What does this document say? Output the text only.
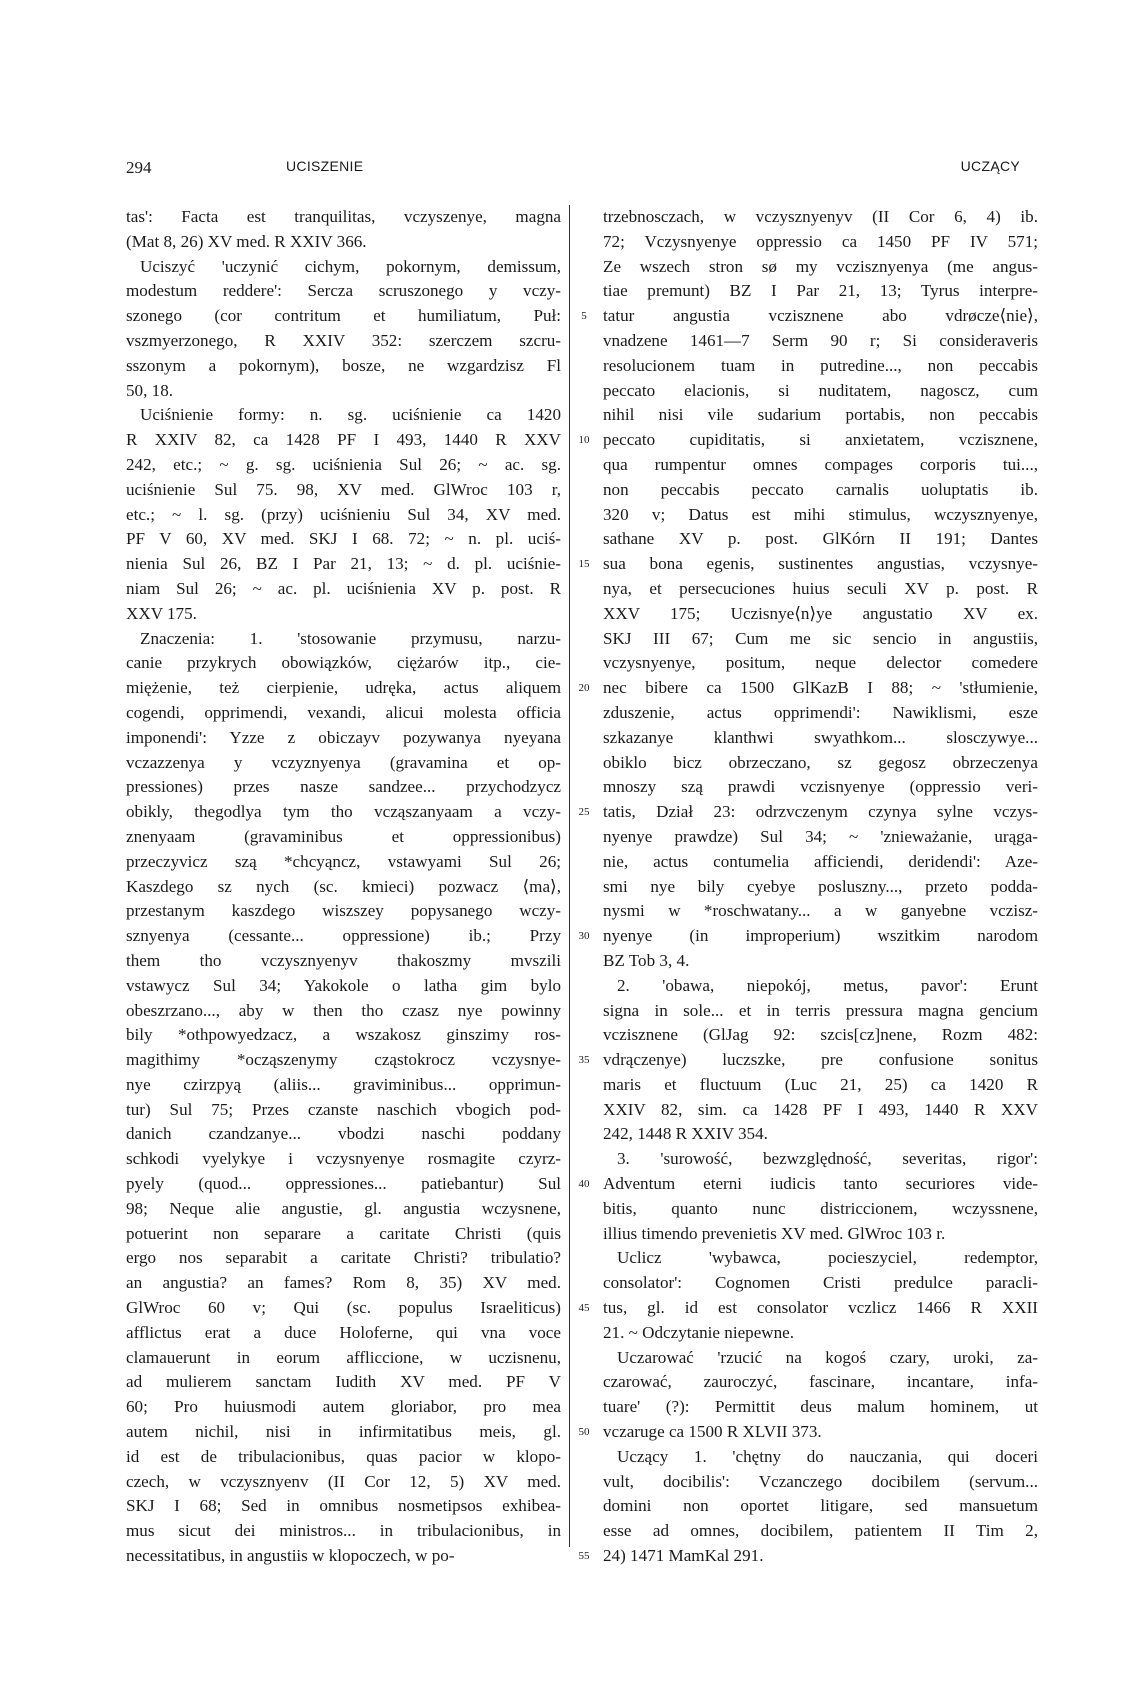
294	UCISZENIE	UCZĄCY
tas': Facta est tranquilitas, vczyszenye, magna
(Mat 8, 26) XV med. R XXIV 366.
Uciszyć 'uczynić cichym, pokornym, demissum,
modestum reddere': Sercza scruszonego y vczy-
szonego (cor contritum et humiliatum, Puł:
vszmyerzonego, R XXIV 352: szerczem szcru-
sszonym a pokornym), bosze, ne wzgardzisz Fl
50, 18.
Uciśnienie formy: n. sg. uciśnienie ca 1420
R XXIV 82, ca 1428 PF I 493, 1440 R XXV
242, etc.; ~ g. sg. uciśnienia Sul 26; ~ ac. sg.
uciśnienie Sul 75. 98, XV med. GlWroc 103 r,
etc.; ~ l. sg. (przy) uciśnieniu Sul 34, XV med.
PF V 60, XV med. SKJ I 68. 72; ~ n. pl. uciś-
nienia Sul 26, BZ I Par 21, 13; ~ d. pl. uciśnie-
niam Sul 26; ~ ac. pl. uciśnienia XV p. post. R
XXV 175.
Znaczenia: 1. 'stosowanie przymusu, narzu-
canie przykrych obowiązków, ciężarów itp., cie-
miężenie, też cierpienie, udręka, actus aliquem
cogendi, opprimendi, vexandi, alicui molesta officia
imponendi': Yzze z obiczayv pozywanya nyeyana
vczazzenya y vczyznyenya (gravamina et op-
pressiones) przes nasze sandzee... przychodzycz
obikly, thegodlya tym tho vcząszanyaam a vczy-
znenyaam (gravaminibus et oppressionibus)
przeczyvicz szą *chcyąncz, vstawyami Sul 26;
Kaszdego sz nych (sc. kmieci) pozwacz ⟨ma⟩,
przestanym kaszdego wiszszey popysanego wczy-
sznyenya (cessante... oppressione) ib.; Przy
them tho vczysznyenyv thakoszmy mvszili
vstawycz Sul 34; Yakokole o latha gim bylo
obeszrzano..., aby w then tho czasz nye powinny
bily *othpowyedzacz, a wszakosz ginszimy ros-
magithimy *ocząszenymy cząstokrocz vczysnye-
nye czirzpyą (aliis... graviminibus... opprimun-
tur) Sul 75; Przes czanste naschich vbogich pod-
danich czandzanye... vbodzi naschi poddany
schkodi vyelykye i vczysnyenye rosmagite czyrz-
pyely (quod... oppressiones... patiebantur) Sul
98; Neque alie angustie, gl. angustia wczysnene,
potuerint non separare a caritate Christi (quis
ergo nos separabit a caritate Christi? tribulatio?
an angustia? an fames? Rom 8, 35) XV med.
GlWroc 60 v; Qui (sc. populus Israeliticus)
afflictus erat a duce Holoferne, qui vna voce
clamauerunt in eorum affliccione, w uczisnenu,
ad mulierem sanctam Iudith XV med. PF V
60; Pro huiusmodi autem gloriabor, pro mea
autem nichil, nisi in infirmitatibus meis, gl.
id est de tribulacionibus, quas pacior w klopo-
czech, w vczysznyenv (II Cor 12, 5) XV med.
SKJ I 68; Sed in omnibus nosmetipsos exhibea-
mus sicut dei ministros... in tribulacionibus, in
necessitatibus, in angustiis w klopoczech, w po-
5
10
15
20
25
30
35
40
45
50
55
trzebnosczach, w vczysznyenyv (II Cor 6, 4) ib.
72; Vczysnyenye oppressio ca 1450 PF IV 571;
Ze wszech stron sø my vczisznyenya (me angus-
tiae premunt) BZ I Par 21, 13; Tyrus interpre-
tatur angustia vczisznene abo vdrøcze⟨nie⟩,
vnadzene 1461—7 Serm 90 r; Si consideraveris
resolucionem tuam in putredine..., non peccabis
peccato elacionis, si nuditatem, nagoscz, cum
nihil nisi vile sudarium portabis, non peccabis
peccato cupiditatis, si anxietatem, vczisznene,
qua rumpentur omnes compages corporis tui...,
non peccabis peccato carnalis uoluptatis ib.
320 v; Datus est mihi stimulus, wczysznyenye,
sathane XV p. post. GlKórn II 191; Dantes
sua bona egenis, sustinentes angustias, vczysnye-
nya, et persecuciones huius seculi XV p. post. R
XXV 175; Uczisnye⟨n⟩ye angustatio XV ex.
SKJ III 67; Cum me sic sencio in angustiis,
vczysnyenye, positum, neque delector comedere
nec bibere ca 1500 GlKazB I 88; ~ 'stłumienie,
zduszenie, actus opprimendi': Nawiklismi, esze
szkazanye klanthwi swyathkom... slosczywye...
obiklo bicz obrzeczano, sz gegosz obrzeczenya
mnoszy szą prawdi vczisnyenye (oppressio veri-
tatis, Dział 23: odrzvczenym czynya sylne vczys-
nyenye prawdze) Sul 34; ~ 'znieważanie, urąga-
nie, actus contumelia afficiendi, deridendi': Aze-
smi nye bily cyebye posluszny..., przeto podda-
nysmi w *roschwatany... a w ganyebne vczisz-
nyenye (in improperium) wszitkim narodom
BZ Tob 3, 4.
2. 'obawa, niepokój, metus, pavor': Erunt
signa in sole... et in terris pressura magna gencium
vczisznene (GlJag 92: szcis[cz]nene, Rozm 482:
vdrączenye) luczszke, pre confusione sonitus
maris et fluctuum (Luc 21, 25) ca 1420 R
XXIV 82, sim. ca 1428 PF I 493, 1440 R XXV
242, 1448 R XXIV 354.
3. 'surowość, bezwzględność, severitas, rigor':
Adventum eterni iudicis tanto securiores vide-
bitis, quanto nunc districcionem, wczyssnene,
illius timendo prevenietis XV med. GlWroc 103 r.
Uclicz 'wybawca, pocieszyciel, redemptor,
consolator': Cognomen Cristi predulce paracli-
tus, gl. id est consolator vczlicz 1466 R XXII
21. ~ Odczytanie niepewne.
Uczarować 'rzucić na kogoś czary, uroki, za-
czarować, zauroczyć, fascinare, incantare, infa-
tuare' (?): Permittit deus malum hominem, ut
vczaruge ca 1500 R XLVII 373.
Uczący 1. 'chętny do nauczania, qui doceri
vult, docibilis': Vczanczego docibilem (servum...
domini non oportet litigare, sed mansuetum
esse ad omnes, docibilem, patientem II Tim 2,
24) 1471 MamKal 291.
